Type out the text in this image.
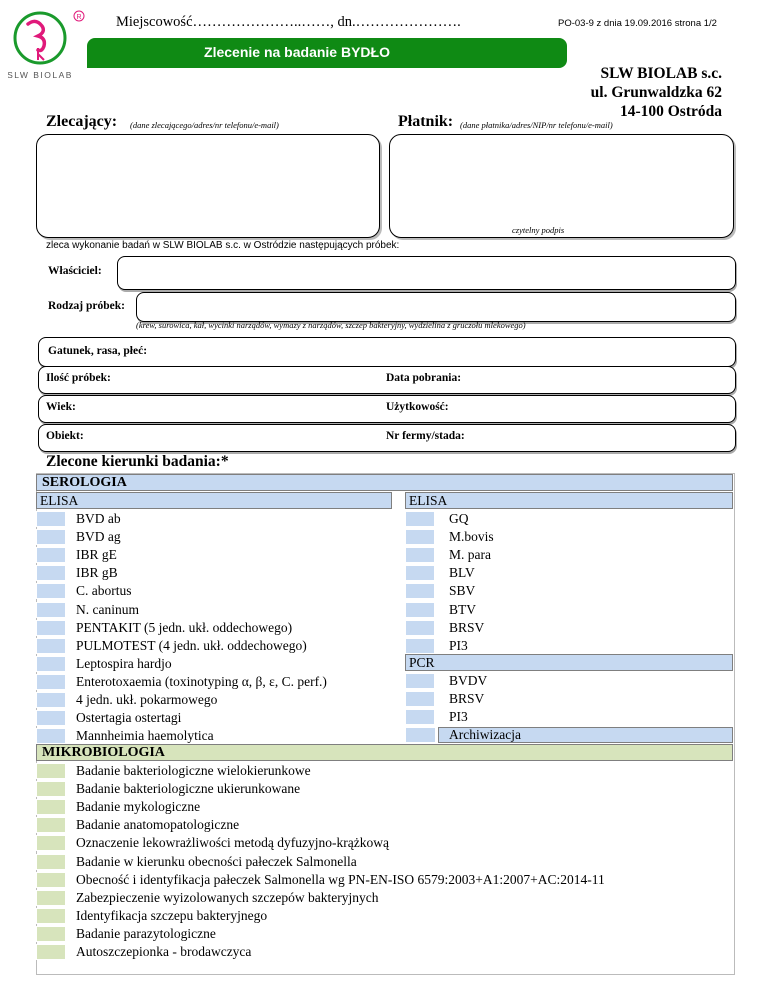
R
SLW BIOLAB
Miejscowość…………………..……, dn.………………….	PO-03-9 z dnia 19.09.2016 strona 1/2
Zlecenie na badanie BYDŁO
SLW BIOLAB s.c.
ul. Grunwaldzka 62
14-100 Ostróda
Zlecający: (dane zlecającego/adres/nr telefonu/e-mail)	Płatnik: (dane płatnika/adres/NIP/nr telefonu/e-mail)
czytelny podpis
zleca wykonanie badań w SLW BIOLAB s.c. w Ostródzie następujących próbek:
Właściciel:
Rodzaj próbek:
(krew, surowica, kał, wycinki narządów, wymazy z narządów, szczep bakteryjny, wydzielina z gruczołu mlekowego)
Gatunek, rasa, płeć:
Ilość próbek:	Data pobrania:
Wiek:	Użytkowość:
Obiekt:	Nr fermy/stada:
Zlecone kierunki badania:*
SEROLOGIA
ELISA	ELISA
BVD ab
BVD ag
IBR gE
IBR gB
C. abortus
N. caninum
PENTAKIT (5 jedn. ukł. oddechowego)
PULMOTEST (4 jedn. ukł. oddechowego)
Leptospira hardjo
Enterotoxaemia (toxinotyping α, β, ε, C. perf.)
4 jedn. ukł. pokarmowego
Ostertagia ostertagi
Mannheimia haemolytica
GQ
M.bovis
M. para
BLV
SBV
BTV
BRSV
PI3
PCR
BVDV
BRSV
PI3
Archiwizacja
MIKROBIOLOGIA
Badanie bakteriologiczne wielokierunkowe
Badanie bakteriologiczne ukierunkowane
Badanie mykologiczne
Badanie anatomopatologiczne
Oznaczenie lekowrażliwości metodą dyfuzyjno-krążkową
Badanie w kierunku obecności pałeczek Salmonella
Obecność i identyfikacja pałeczek Salmonella wg PN-EN-ISO 6579:2003+A1:2007+AC:2014-11
Zabezpieczenie wyizolowanych szczepów bakteryjnych
Identyfikacja szczepu bakteryjnego
Badanie parazytologiczne
Autoszczepionka - brodawczyca
